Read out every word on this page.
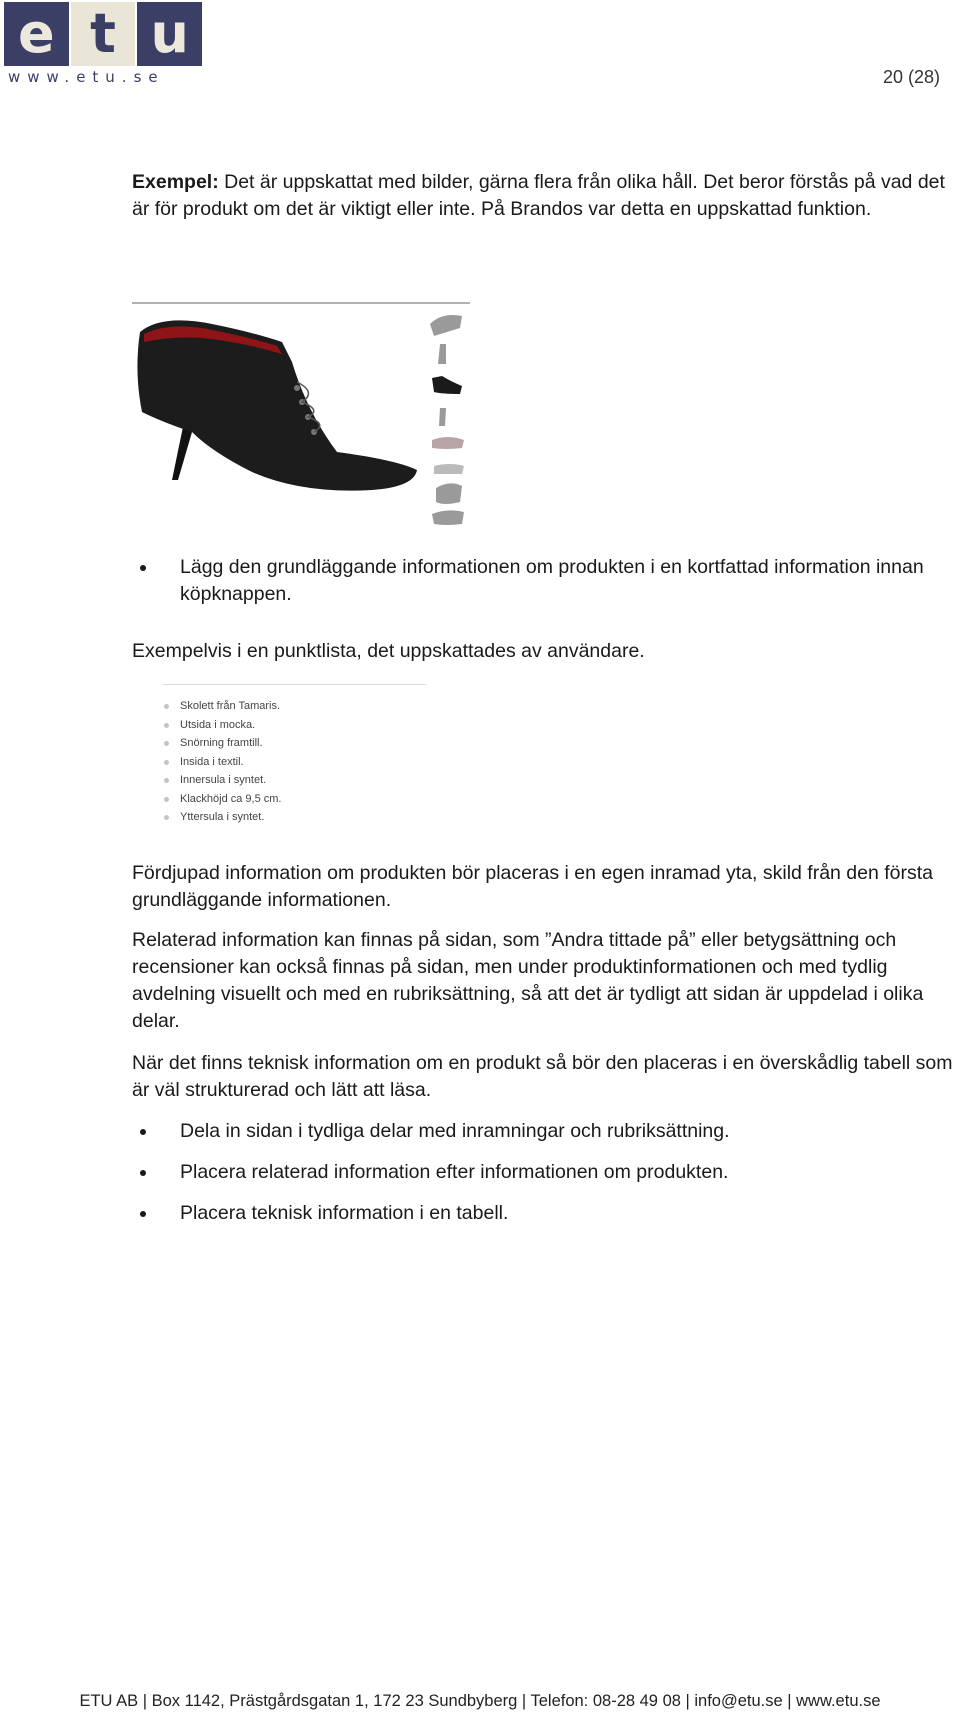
e t u
www.etu.se	20 (28)

Exempel: Det är uppskattat med bilder, gärna flera från olika håll. Det beror förstås på vad det är för produkt om det är viktigt eller inte. På Brandos var detta en uppskattad funktion.

Lägg den grundläggande informationen om produkten i en kortfattad information innan köpknappen.

Exempelvis i en punktlista, det uppskattades av användare.

Skolett från Tamaris.
Utsida i mocka.
Snörning framtill.
Insida i textil.
Innersula i syntet.
Klackhöjd ca 9,5 cm.
Yttersula i syntet.

Fördjupad information om produkten bör placeras i en egen inramad yta, skild från den första grundläggande informationen.

Relaterad information kan finnas på sidan, som ”Andra tittade på” eller betygsättning och recensioner kan också finnas på sidan, men under produktinformationen och med tydlig avdelning visuellt och med en rubriksättning, så att det är tydligt att sidan är uppdelad i olika delar.

När det finns teknisk information om en produkt så bör den placeras i en överskådlig tabell som är väl strukturerad och lätt att läsa.

Dela in sidan i tydliga delar med inramningar och rubriksättning.
Placera relaterad information efter informationen om produkten.
Placera teknisk information i en tabell.
ETU AB | Box 1142, Prästgårdsgatan 1, 172 23 Sundbyberg | Telefon: 08-28 49 08 | info@etu.se | www.etu.se
